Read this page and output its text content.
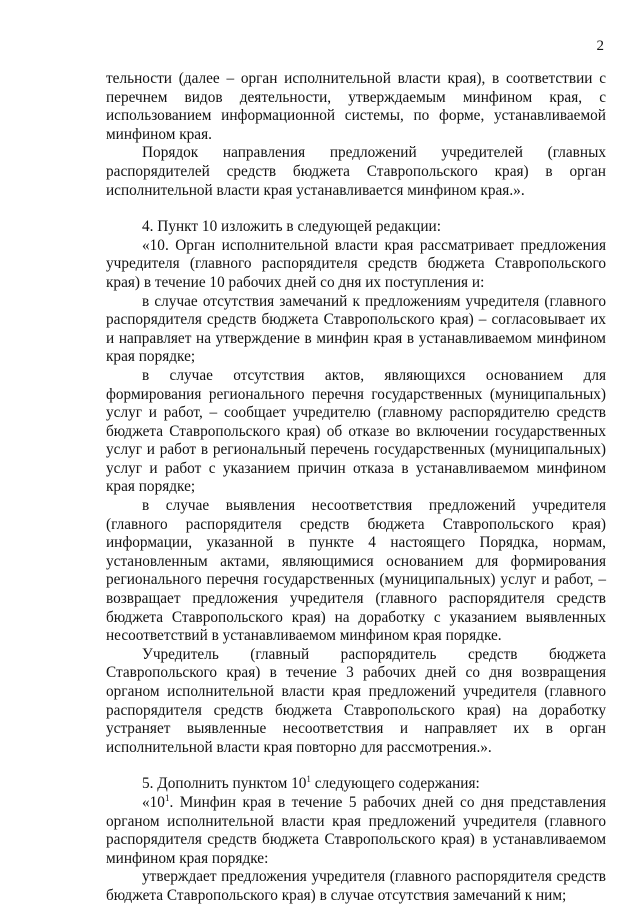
2

тельности (далее – орган исполнительной власти края), в соответствии с перечнем видов деятельности, утверждаемым минфином края, с использованием информационной системы, по форме, устанавливаемой минфином края.

Порядок направления предложений учредителей (главных распорядителей средств бюджета Ставропольского края) в орган исполнительной власти края устанавливается минфином края.».

4. Пункт 10 изложить в следующей редакции:

«10. Орган исполнительной власти края рассматривает предложения учредителя (главного распорядителя средств бюджета Ставропольского края) в течение 10 рабочих дней со дня их поступления и:

в случае отсутствия замечаний к предложениям учредителя (главного распорядителя средств бюджета Ставропольского края) – согласовывает их и направляет на утверждение в минфин края в устанавливаемом минфином края порядке;

в случае отсутствия актов, являющихся основанием для формирования регионального перечня государственных (муниципальных) услуг и работ, – сообщает учредителю (главному распорядителю средств бюджета Ставропольского края) об отказе во включении государственных услуг и работ в региональный перечень государственных (муниципальных) услуг и работ с указанием причин отказа в устанавливаемом минфином края порядке;

в случае выявления несоответствия предложений учредителя (главного распорядителя средств бюджета Ставропольского края) информации, указанной в пункте 4 настоящего Порядка, нормам, установленным актами, являющимися основанием для формирования регионального перечня государственных (муниципальных) услуг и работ, – возвращает предложения учредителя (главного распорядителя средств бюджета Ставропольского края) на доработку с указанием выявленных несоответствий в устанавливаемом минфином края порядке.

Учредитель (главный распорядитель средств бюджета Ставропольского края) в течение 3 рабочих дней со дня возвращения органом исполнительной власти края предложений учредителя (главного распорядителя средств бюджета Ставропольского края) на доработку устраняет выявленные несоответствия и направляет их в орган исполнительной власти края повторно для рассмотрения.».

5. Дополнить пунктом $10^1$ следующего содержания:

«$10^1$. Минфин края в течение 5 рабочих дней со дня представления органом исполнительной власти края предложений учредителя (главного распорядителя средств бюджета Ставропольского края) в устанавливаемом минфином края порядке:

утверждает предложения учредителя (главного распорядителя средств бюджета Ставропольского края) в случае отсутствия замечаний к ним;
